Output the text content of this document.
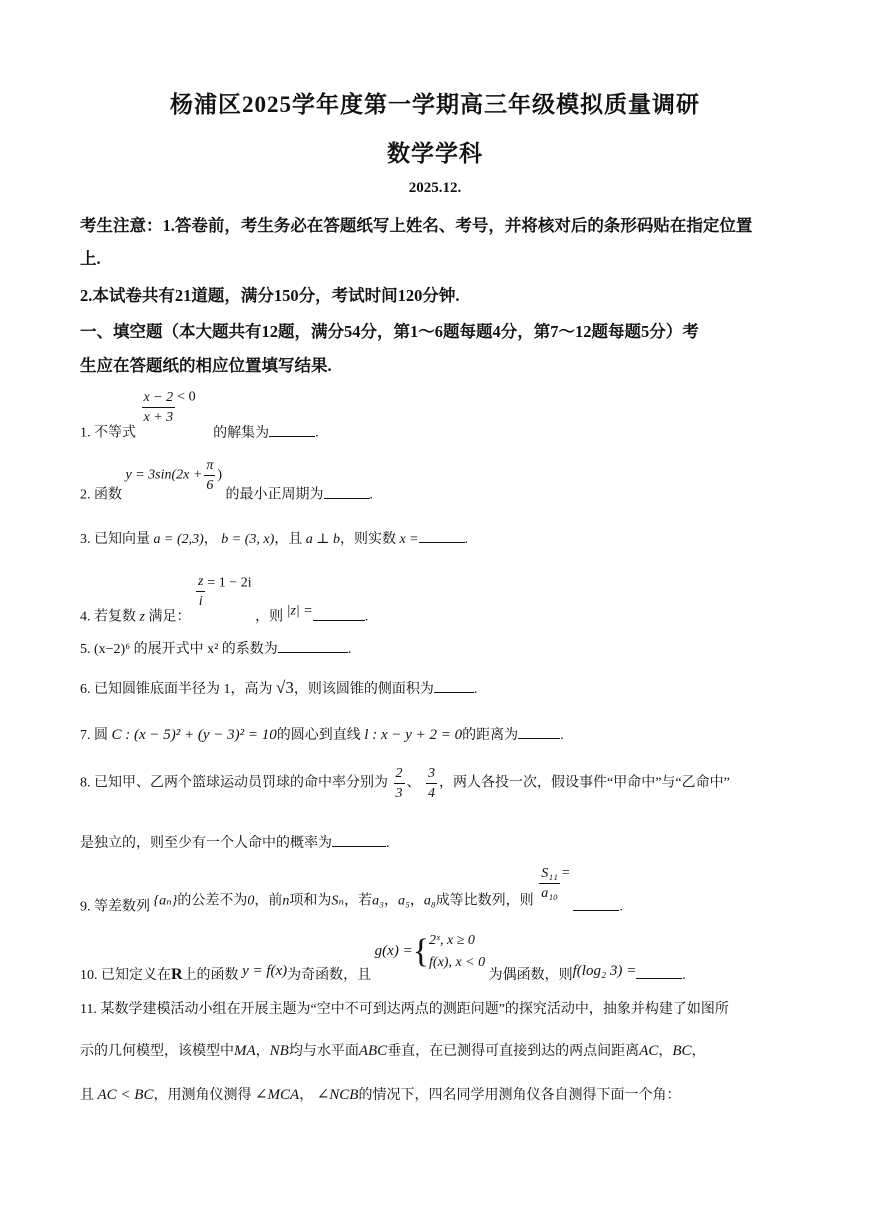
杨浦区2025学年度第一学期高三年级模拟质量调研
数学学科
2025.12.
考生注意：1.答卷前，考生务必在答题纸写上姓名、考号，并将核对后的条形码贴在指定位置
上.
2.本试卷共有21道题，满分150分，考试时间120分钟.
一、填空题（本大题共有12题，满分54分，第1～6题每题4分，第7～12题每题5分）考
生应在答题纸的相应位置填写结果.
1. 不等式
$\frac{x - 2}{x + 3} < 0$ 的解集为	.
2. 函数 $y = 3\sin(2x + \frac{\pi}{6}$ ) 的最小正周期为	.
3. 已知向量 a = (2,3)， b = (3, x)，且 a ⊥ b，则实数 x =	.
4. 若复数 z 满足：
$\frac{z}{i} = 1 - 2i$ ，则 |z| =	.
5. (x−2)⁶ 的展开式中 x² 的系数为	.
6. 已知圆锥底面半径为 1，高为 √3，则该圆锥的侧面积为	.
7. 圆 C : (x − 5)² + (y − 3)² = 10的圆心到直线 l : x − y + 2 = 0的距离为	.
8. 已知甲、乙两个篮球运动员罚球的命中率分别为 $\frac{2}{3}$ 、 $\frac{3}{4}$ ，两人各投一次，假设事件“甲命中”与“乙命中”
是独立的，则至少有一个人命中的概率为	.
9. 等差数列 {aₙ}的公差不为0，前n项和为Sₙ，若a₃，a₅，a₈成等比数列，则 $\frac{\text{S₁₁}}{\text{a₁₀}}$ = .
10. 已知定义在R上的函数 y = f(x)为奇函数，且 g(x) ={ 2ˣ, x ≥ 0
f(x), x < 0
为偶函数，则f(log₂ 3) =	.
11. 某数学建模活动小组在开展主题为“空中不可到达两点的测距问题”的探究活动中，抽象并构建了如图所
示的几何模型，该模型中MA，NB均与水平面ABC垂直，在已测得可直接到达的两点间距离AC，BC，
且 AC < BC，用测角仪测得 ∠MCA， ∠NCB的情况下，四名同学用测角仪各自测得下面一个角：
